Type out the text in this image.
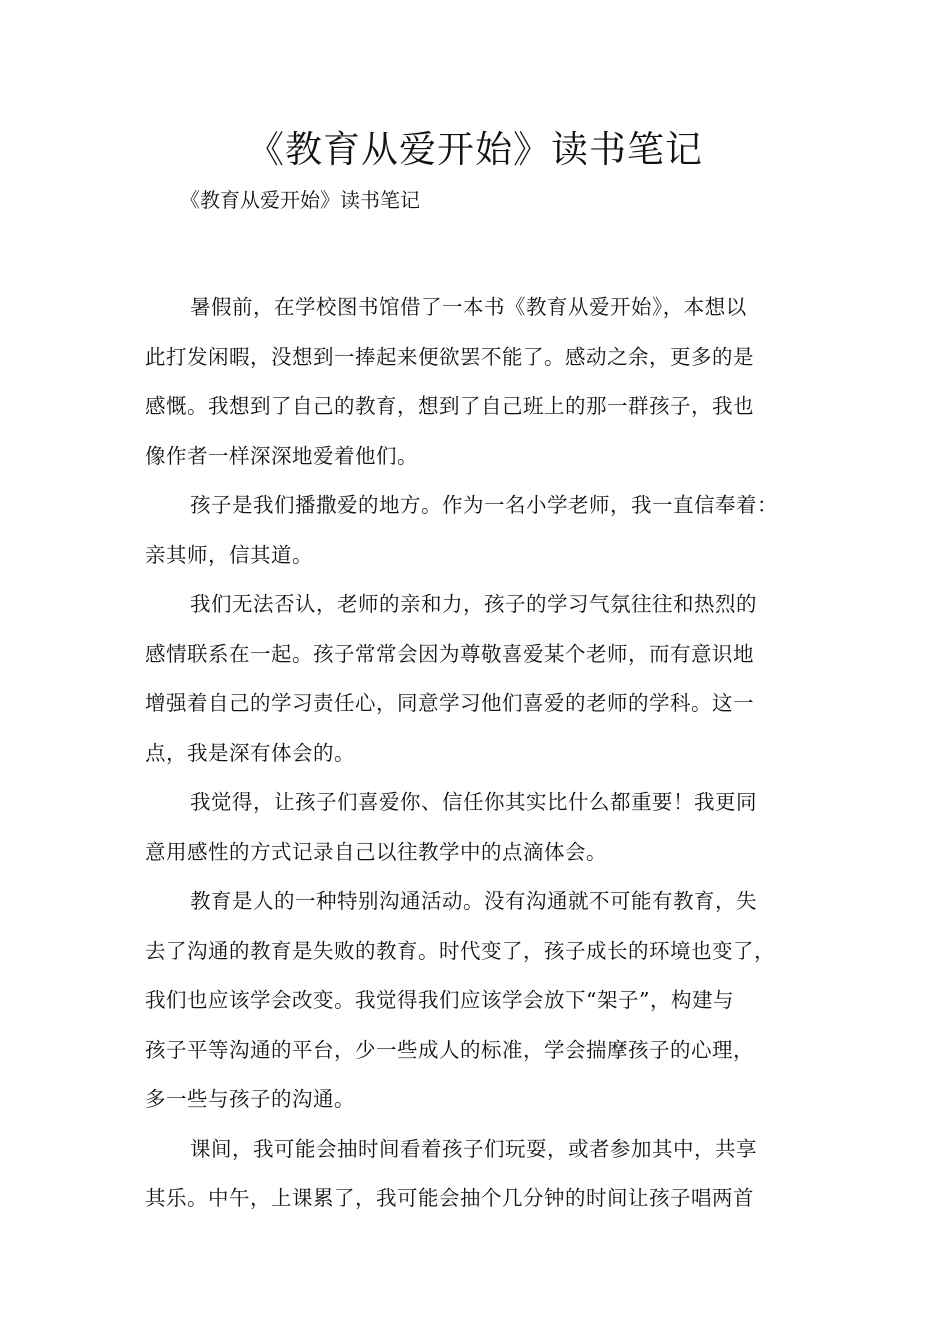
《教育从爱开始》读书笔记

《教育从爱开始》读书笔记

暑假前，在学校图书馆借了一本书《教育从爱开始》，本想以
此打发闲暇，没想到一捧起来便欲罢不能了。感动之余，更多的是
感慨。我想到了自己的教育，想到了自己班上的那一群孩子，我也
像作者一样深深地爱着他们。

孩子是我们播撒爱的地方。作为一名小学老师，我一直信奉着：
亲其师，信其道。

我们无法否认，老师的亲和力，孩子的学习气氛往往和热烈的
感情联系在一起。孩子常常会因为尊敬喜爱某个老师，而有意识地
增强着自己的学习责任心，同意学习他们喜爱的老师的学科。这一
点，我是深有体会的。

我觉得，让孩子们喜爱你、信任你其实比什么都重要！我更同
意用感性的方式记录自己以往教学中的点滴体会。

教育是人的一种特别沟通活动。没有沟通就不可能有教育，失
去了沟通的教育是失败的教育。时代变了，孩子成长的环境也变了，
我们也应该学会改变。我觉得我们应该学会放下“架子”，构建与
孩子平等沟通的平台，少一些成人的标准，学会揣摩孩子的心理，
多一些与孩子的沟通。

课间，我可能会抽时间看着孩子们玩耍，或者参加其中，共享
其乐。中午，上课累了，我可能会抽个几分钟的时间让孩子唱两首
